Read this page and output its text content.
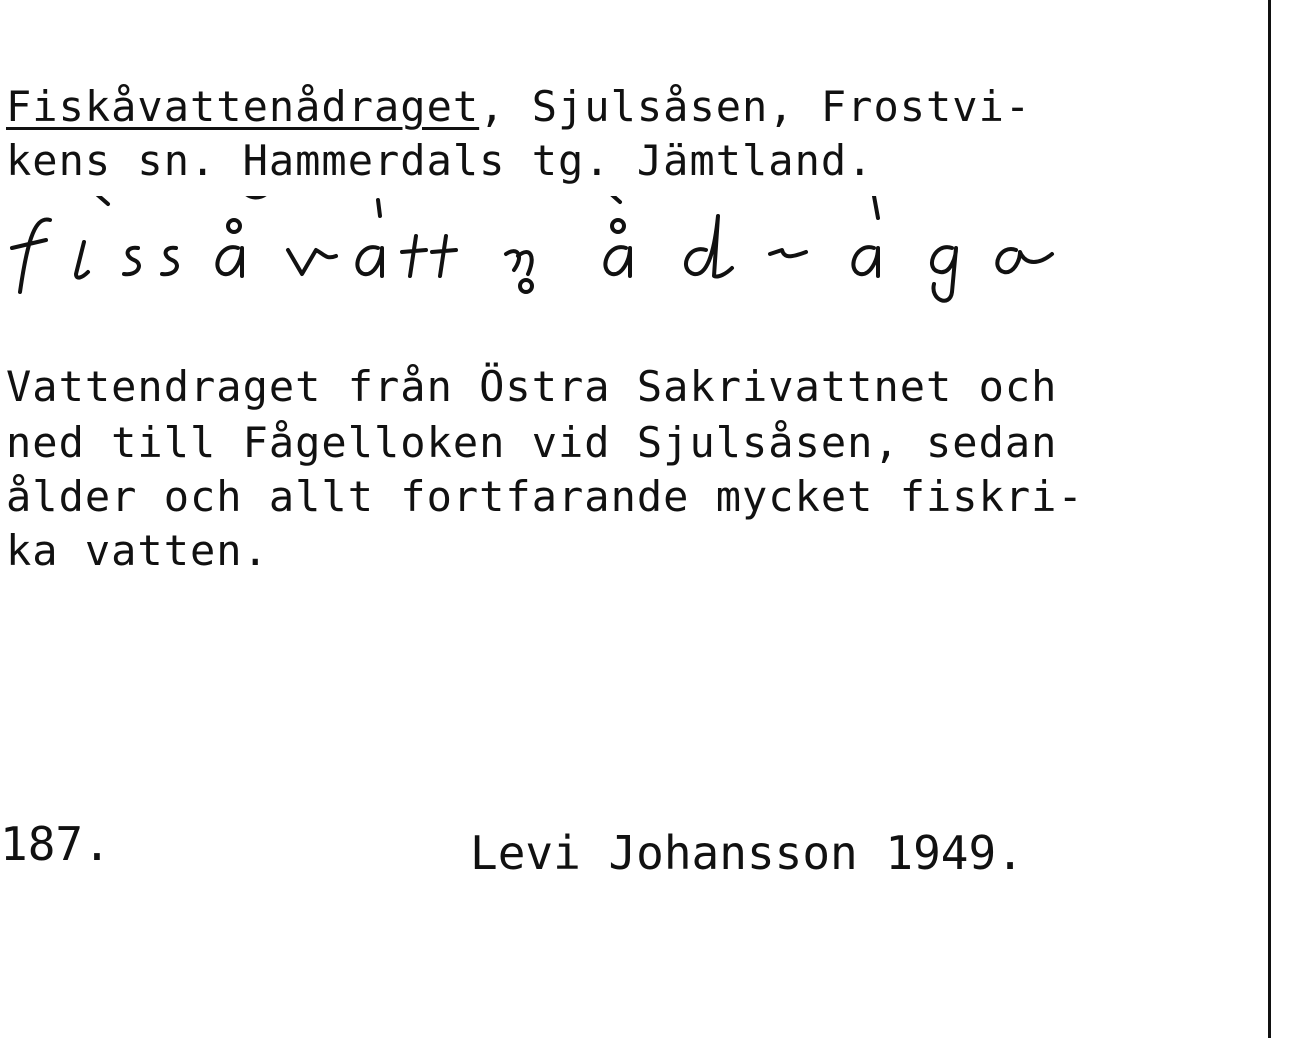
Fiskåvattenådraget, Sjulsåsen, Frostvi-
kens sn. Hammerdals tg. Jämtland.
Vattendraget från Östra Sakrivattnet och
ned till Fågelloken vid Sjulsåsen, sedan
ålder och allt fortfarande mycket fiskri-
ka vatten.
187.	Levi Johansson 1949.
